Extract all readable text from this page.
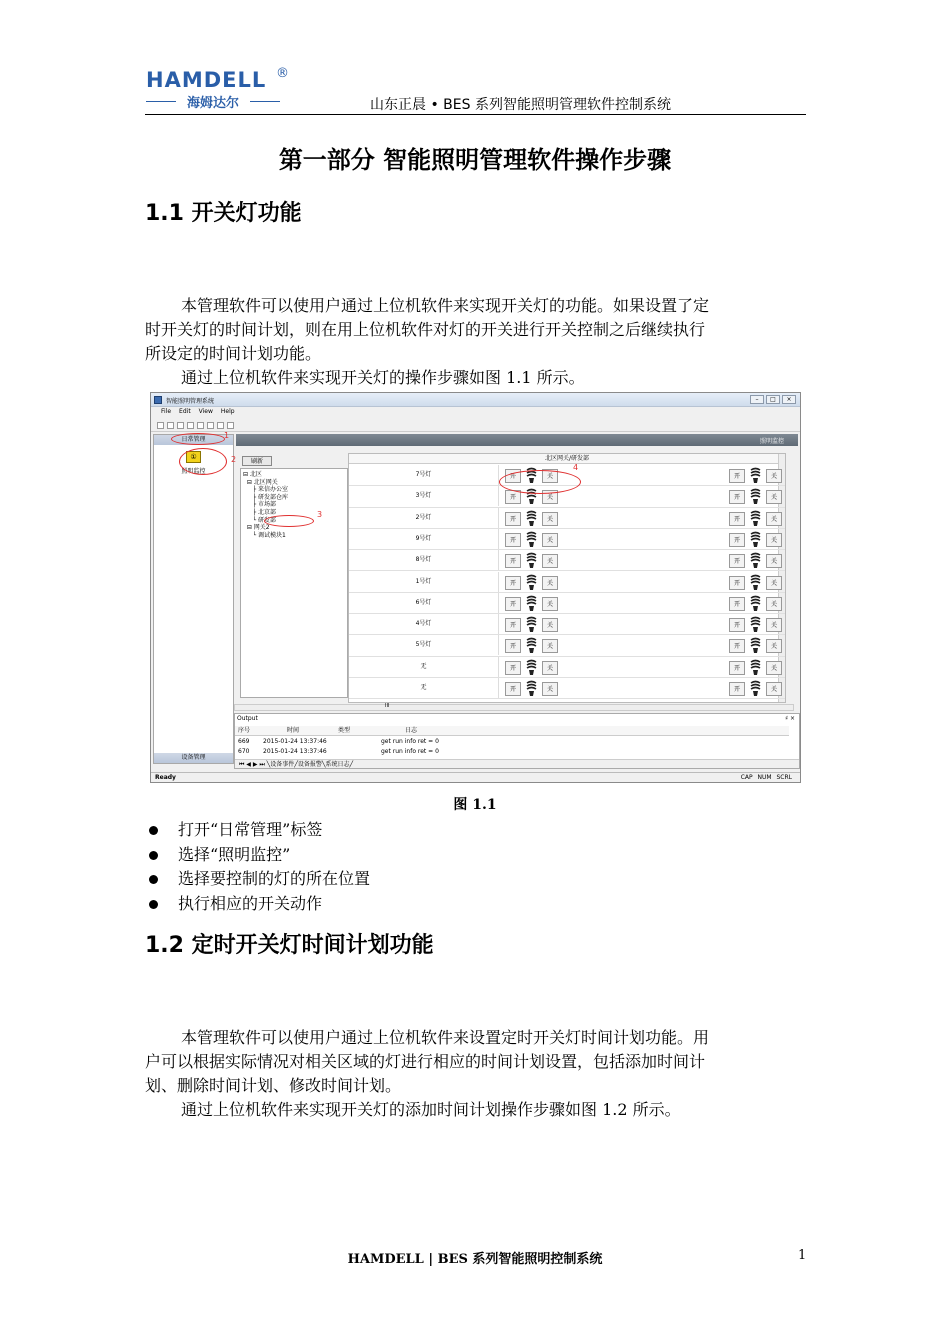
HAMDELL ®
海姆达尔	山东正晨 • BES 系列智能照明管理软件控制系统
第一部分 智能照明管理软件操作步骤
1.1 开关灯功能
本管理软件可以使用户通过上位机软件来实现开关灯的功能。如果设置了定
时开关灯的时间计划，则在用上位机软件对灯的开关进行开关控制之后继续执行
所设定的时间计划功能。
通过上位机软件来实现开关灯的操作步骤如图 1.1 所示。
智能照明管理系统	–	□	×
File Edit View Help
日常管理
①
照明监控
设备管理
照明监控
刷新
⊟ 北区
⊟ 北区网关
├ 来信办公室
├ 研发部仓库
├ 市场部
├ 北京部
└ 研发部
⊟ 网关2
└ 调试模块1
北区网关/研发部
7号灯	开	关	开	关
3号灯	开	关	开	关
2号灯	开	关	开	关
9号灯	开	关	开	关
8号灯	开	关	开	关
1号灯	开	关	开	关
6号灯	开	关	开	关
4号灯	开	关	开	关
5号灯	开	关	开	关
无	开	关	开	关
无	开	关	开	关
III
Output	♯ ×
序号	时间	类型	日志
669 2015-01-24 13:37:46	get run info ret = 0
670 2015-01-24 13:37:46	get run info ret = 0
⏮ ◀ ▶ ⏭ ╲设备事件╱设备报警╲系统日志╱
Ready	CAP NUM SCRL
1
2
3
4
图 1.1
打开“日常管理”标签
选择“照明监控”
选择要控制的灯的所在位置
执行相应的开关动作
1.2 定时开关灯时间计划功能
本管理软件可以使用户通过上位机软件来设置定时开关灯时间计划功能。用
户可以根据实际情况对相关区域的灯进行相应的时间计划设置，包括添加时间计
划、删除时间计划、修改时间计划。
通过上位机软件来实现开关灯的添加时间计划操作步骤如图 1.2 所示。
HAMDELL | BES 系列智能照明控制系统	1
